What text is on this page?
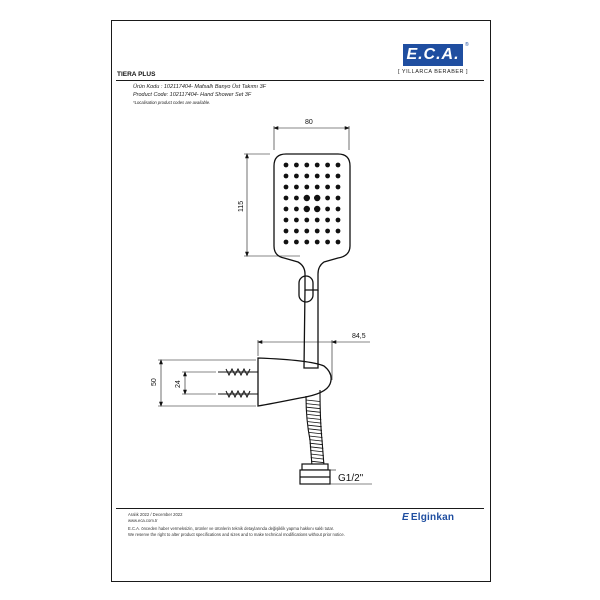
E.C.A.
®
[ YILLARCA BERABER ]
TIERA PLUS
Ürün Kodu : 102117404- Mafsallı Banyo Üst Takımı 3F
Product Code: 102117404- Hand Shower Set 3F
*Localisation product codes are available.
80
115
84,5
50 24
G1/2"
Aralık 2022 / December 2022
www.eca.com.tr
E.C.A. önceden haber vermeksizin, ürünler ve ürünlerin teknik detaylarında değişiklik yapma hakkını saklı tutar.
We reserve the right to alter product specifications and sizes and to make technical modifications without prior notice.
E Elginkan
